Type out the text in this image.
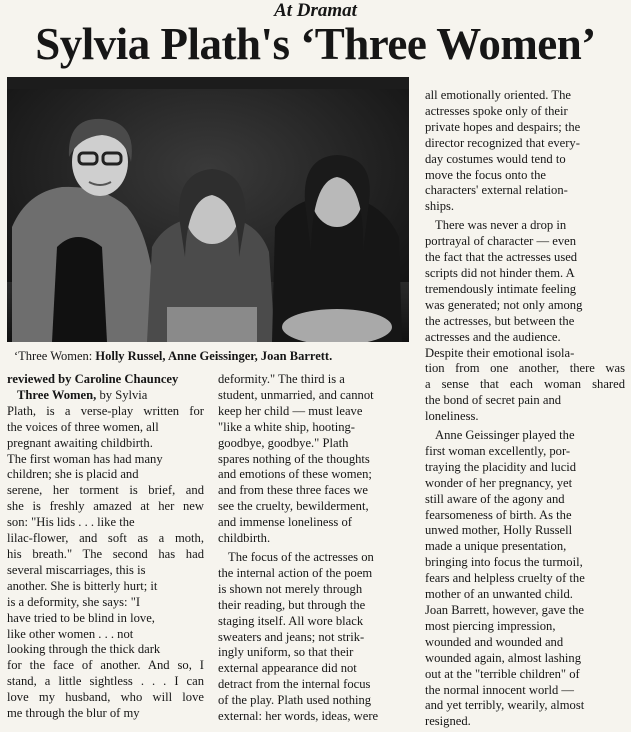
At Dramat
Sylvia Plath's ‘Three Women’
‘Three Women: Holly Russel, Anne Geissinger, Joan Barrett.
reviewed by Caroline Chauncey
Three Women, by Sylvia
Plath, is a verse-play written for
the voices of three women, all
pregnant awaiting childbirth.
The first woman has had many
children; she is placid and
serene, her torment is brief, and
she is freshly amazed at her new
son: "His lids . . . like the
lilac-flower, and soft as a moth,
his breath." The second has had
several miscarriages, this is
another. She is bitterly hurt; it
is a deformity, she says: "I
have tried to be blind in love,
like other women . . . not
looking through the thick dark
for the face of another. And so, I
stand, a little sightless . . . I can
love my husband, who will love
me through the blur of my
deformity." The third is a
student, unmarried, and cannot
keep her child — must leave
"like a white ship, hooting-
goodbye, goodbye." Plath
spares nothing of the thoughts
and emotions of these women;
and from these three faces we
see the cruelty, bewilderment,
and immense loneliness of
childbirth.
The focus of the actresses on
the internal action of the poem
is shown not merely through
their reading, but through the
staging itself. All wore black
sweaters and jeans; not strik-
ingly uniform, so that their
external appearance did not
detract from the internal focus
of the play. Plath used nothing
external: her words, ideas, were
all emotionally oriented. The
actresses spoke only of their
private hopes and despairs; the
director recognized that every-
day costumes would tend to
move the focus onto the
characters' external relation-
ships.
There was never a drop in
portrayal of character — even
the fact that the actresses used
scripts did not hinder them. A
tremendously intimate feeling
was generated; not only among
the actresses, but between the
actresses and the audience.
Despite their emotional isola-
tion from one another, there was
a sense that each woman shared
the bond of secret pain and
loneliness.
Anne Geissinger played the
first woman excellently, por-
traying the placidity and lucid
wonder of her pregnancy, yet
still aware of the agony and
fearsomeness of birth. As the
unwed mother, Holly Russell
made a unique presentation,
bringing into focus the turmoil,
fears and helpless cruelty of the
mother of an unwanted child.
Joan Barrett, however, gave the
most piercing impression,
wounded and wounded and
wounded again, almost lashing
out at the "terrible children" of
the normal innocent world —
and yet terribly, wearily, almost
resigned.
